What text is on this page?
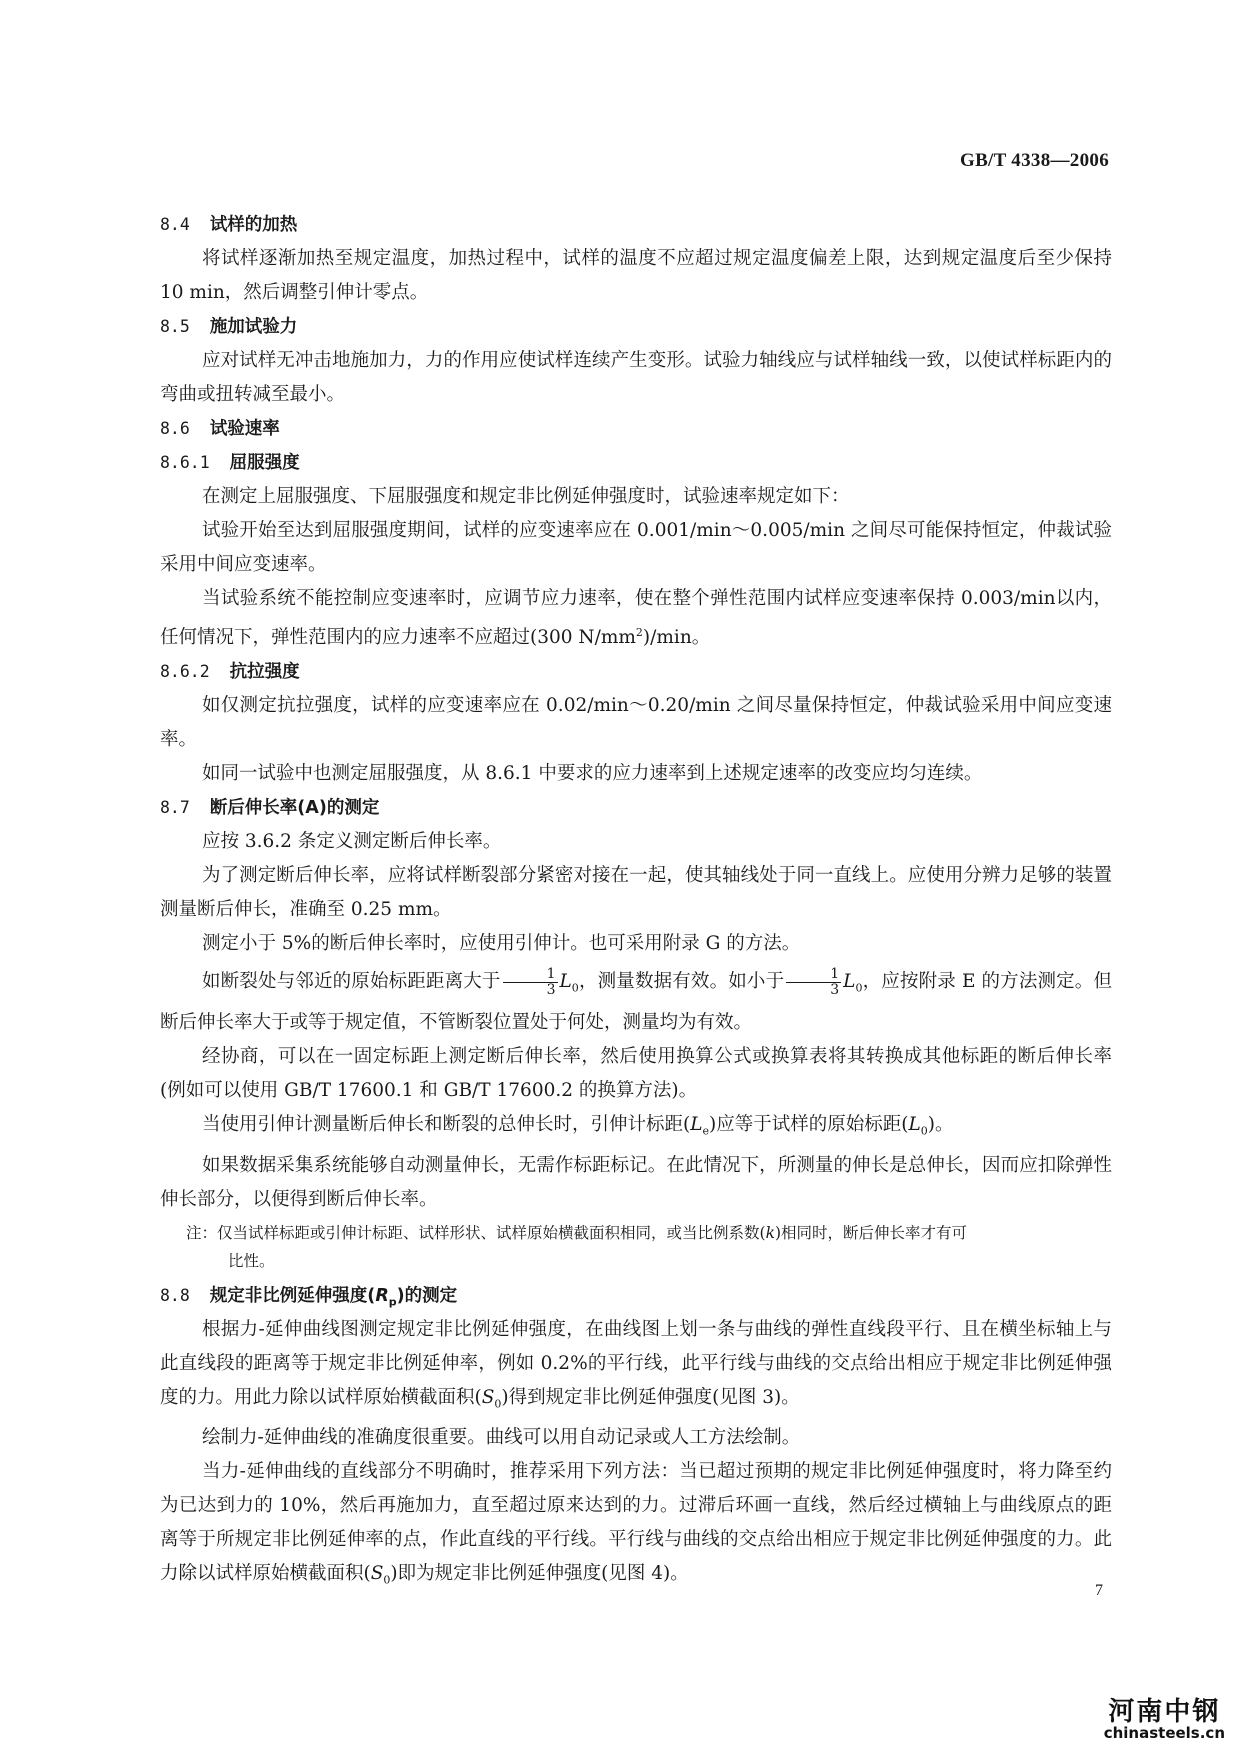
GB/T 4338—2006
8.4 试样的加热

将试样逐渐加热至规定温度，加热过程中，试样的温度不应超过规定温度偏差上限，达到规定温度后至少保持 10 min，然后调整引伸计零点。

8.5 施加试验力

应对试样无冲击地施加力，力的作用应使试样连续产生变形。试验力轴线应与试样轴线一致，以使试样标距内的弯曲或扭转减至最小。

8.6 试验速率
8.6.1 屈服强度

在测定上屈服强度、下屈服强度和规定非比例延伸强度时，试验速率规定如下：

试验开始至达到屈服强度期间，试样的应变速率应在 0.001/min～0.005/min 之间尽可能保持恒定，仲裁试验采用中间应变速率。

当试验系统不能控制应变速率时，应调节应力速率，使在整个弹性范围内试样应变速率保持 0.003/min以内，任何情况下，弹性范围内的应力速率不应超过(300 $N/mm^2)/\min$。

8.6.2 抗拉强度

如仅测定抗拉强度，试样的应变速率应在 0.02/min～0.20/min 之间尽量保持恒定，仲裁试验采用中间应变速率。

如同一试验中也测定屈服强度，从 8.6.1 中要求的应力速率到上述规定速率的改变应均匀连续。

8.7 断后伸长率(A)的测定

应按 3.6.2 条定义测定断后伸长率。

为了测定断后伸长率，应将试样断裂部分紧密对接在一起，使其轴线处于同一直线上。应使用分辨力足够的装置测量断后伸长，准确至 0.25 mm。

测定小于 5%的断后伸长率时，应使用引伸计。也可采用附录 G 的方法。

如断裂处与邻近的原始标距距离大于 $\frac{1}{3} L_0$，测量数据有效。如小于 $\frac{1}{3} L_0$，应按附录 E 的方法测定。但断后伸长率大于或等于规定值，不管断裂位置处于何处，测量均为有效。

经协商，可以在一固定标距上测定断后伸长率，然后使用换算公式或换算表将其转换成其他标距的断后伸长率(例如可以使用 GB/T 17600.1 和 GB/T 17600.2 的换算方法)。

当使用引伸计测量断后伸长和断裂的总伸长时，引伸计标距$(L_e)$应等于试样的原始标距$(L_0)$。

如果数据采集系统能够自动测量伸长，无需作标距标记。在此情况下，所测量的伸长是总伸长，因而应扣除弹性伸长部分，以便得到断后伸长率。

注：仅当试样标距或引伸计标距、试样形状、试样原始横截面积相同，或当比例系数(k)相同时，断后伸长率才有可
比性。
8.8 规定非比例延伸强度$(R_p)$的测定

根据力-延伸曲线图测定规定非比例延伸强度，在曲线图上划一条与曲线的弹性直线段平行、且在横坐标轴上与此直线段的距离等于规定非比例延伸率，例如 0.2%的平行线，此平行线与曲线的交点给出相应于规定非比例延伸强度的力。用此力除以试样原始横截面积$(S_0)$得到规定非比例延伸强度(见图 3)。

绘制力-延伸曲线的准确度很重要。曲线可以用自动记录或人工方法绘制。

当力-延伸曲线的直线部分不明确时，推荐采用下列方法：当已超过预期的规定非比例延伸强度时，将力降至约为已达到力的 10%，然后再施加力，直至超过原来达到的力。过滞后环画一直线，然后经过横轴上与曲线原点的距离等于所规定非比例延伸率的点，作此直线的平行线。平行线与曲线的交点给出相应于规定非比例延伸强度的力。此力除以试样原始横截面积$(S_0)$即为规定非比例延伸强度(见图 4)。

7
河南中钢
chinasteels.cn
